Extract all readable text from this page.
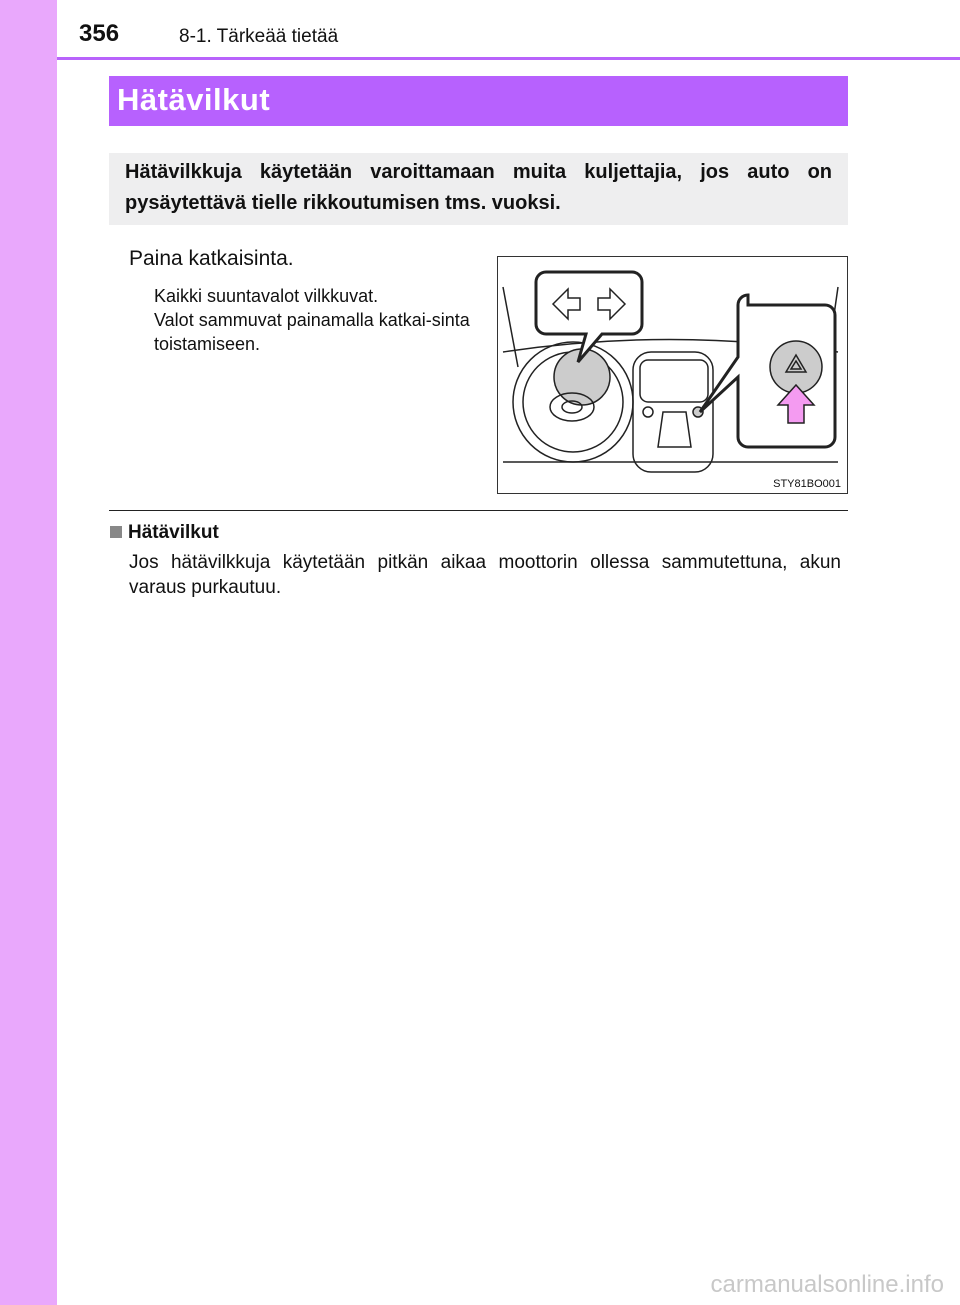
356	8-1. Tärkeää tietää
Hätävilkut
Hätävilkkuja käytetään varoittamaan muita kuljettajia, jos auto on pysäytettävä tielle rikkoutumisen tms. vuoksi.
Paina katkaisinta.
Kaikki suuntavalot vilkkuvat.
Valot sammuvat painamalla katkai-sinta toistamiseen.
STY81BO001
Hätävilkut
Jos hätävilkkuja käytetään pitkän aikaa moottorin ollessa sammutettuna, akun varaus purkautuu.
carmanualsonline.info
